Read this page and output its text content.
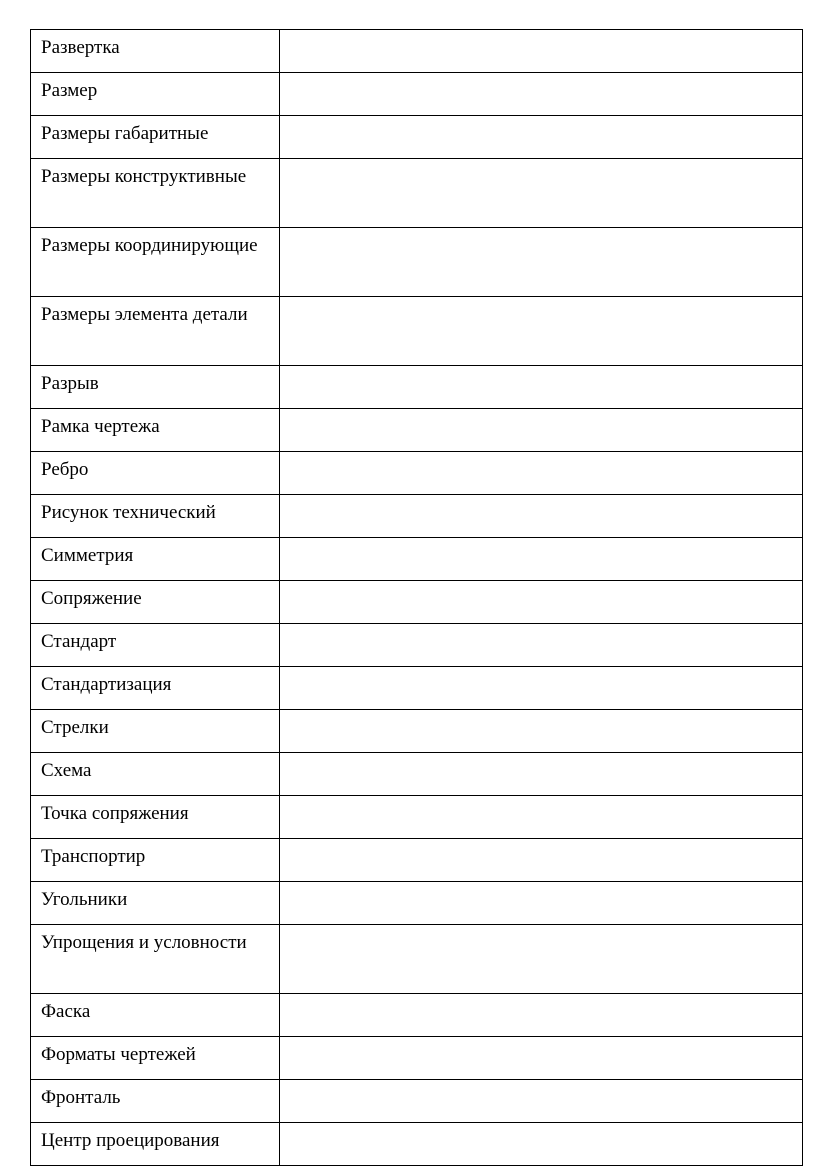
Развертка	
Размер	
Размеры габаритные	
Размеры конструктивные	
Размеры координирующие	
Размеры элемента детали	
Разрыв	
Рамка чертежа	
Ребро	
Рисунок технический	
Симметрия	
Сопряжение	
Стандарт	
Стандартизация	
Стрелки	
Схема	
Точка сопряжения	
Транспортир	
Угольники	
Упрощения и условности	
Фаска	
Форматы чертежей	
Фронталь	
Центр проецирования	
